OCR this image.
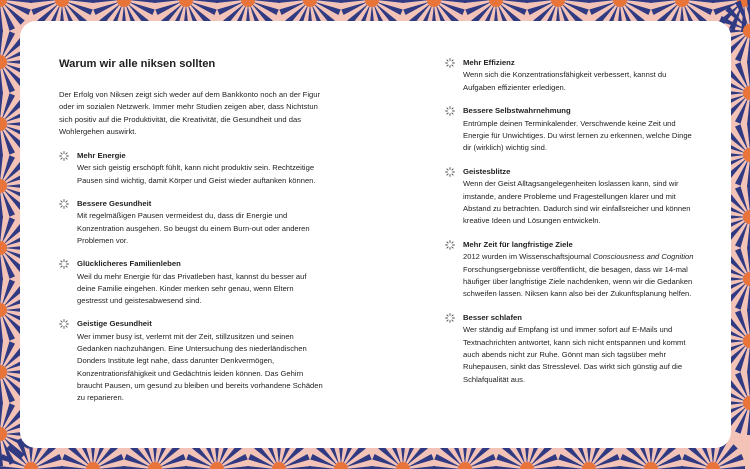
Warum wir alle niksen sollten

Der Erfolg von Niksen zeigt sich weder auf dem Bankkonto noch an der Figur oder im sozialen Netzwerk. Immer mehr Studien zeigen aber, dass Nichtstun sich positiv auf die Produktivität, die Kreativität, die Gesundheit und das Wohlergehen auswirkt.

Mehr Energie

Wer sich geistig erschöpft fühlt, kann nicht produktiv sein. Rechtzeitige Pausen sind wichtig, damit Körper und Geist wieder auftanken können.

Bessere Gesundheit

Mit regelmäßigen Pausen vermeidest du, dass dir Energie und Konzentration ausgehen. So beugst du einem Burn-out oder anderen Problemen vor.

Glücklicheres Familienleben

Weil du mehr Energie für das Privatleben hast, kannst du besser auf deine Familie eingehen. Kinder merken sehr genau, wenn Eltern gestresst und geistesabwesend sind.

Geistige Gesundheit

Wer immer busy ist, verlernt mit der Zeit, stillzusitzen und seinen Gedanken nachzuhängen. Eine Untersuchung des niederländischen Donders Institute legt nahe, dass darunter Denkvermögen, Konzentrationsfähigkeit und Gedächtnis leiden können. Das Gehirn braucht Pausen, um gesund zu bleiben und bereits vorhandene Schäden zu reparieren.

Mehr Effizienz

Wenn sich die Konzentrationsfähigkeit verbessert, kannst du Aufgaben effizienter erledigen.

Bessere Selbstwahrnehmung

Entrümple deinen Terminkalender. Verschwende keine Zeit und Energie für Unwichtiges. Du wirst lernen zu erkennen, welche Dinge dir (wirklich) wichtig sind.

Geistesblitze

Wenn der Geist Alltagsangelegenheiten loslassen kann, sind wir imstande, andere Probleme und Fragestellungen klarer und mit Abstand zu betrachten. Dadurch sind wir einfallsreicher und können kreative Ideen und Lösungen entwickeln.

Mehr Zeit für langfristige Ziele

2012 wurden im Wissenschaftsjournal Consciousness and Cognition Forschungsergebnisse veröffentlicht, die besagen, dass wir 14-mal häufiger über langfristige Ziele nachdenken, wenn wir die Gedanken schweifen lassen. Niksen kann also bei der Zukunftsplanung helfen.

Besser schlafen

Wer ständig auf Empfang ist und immer sofort auf E-Mails und Textnachrichten antwortet, kann sich nicht entspannen und kommt auch abends nicht zur Ruhe. Gönnt man sich tagsüber mehr Ruhepausen, sinkt das Stresslevel. Das wirkt sich günstig auf die Schlafqualität aus.
